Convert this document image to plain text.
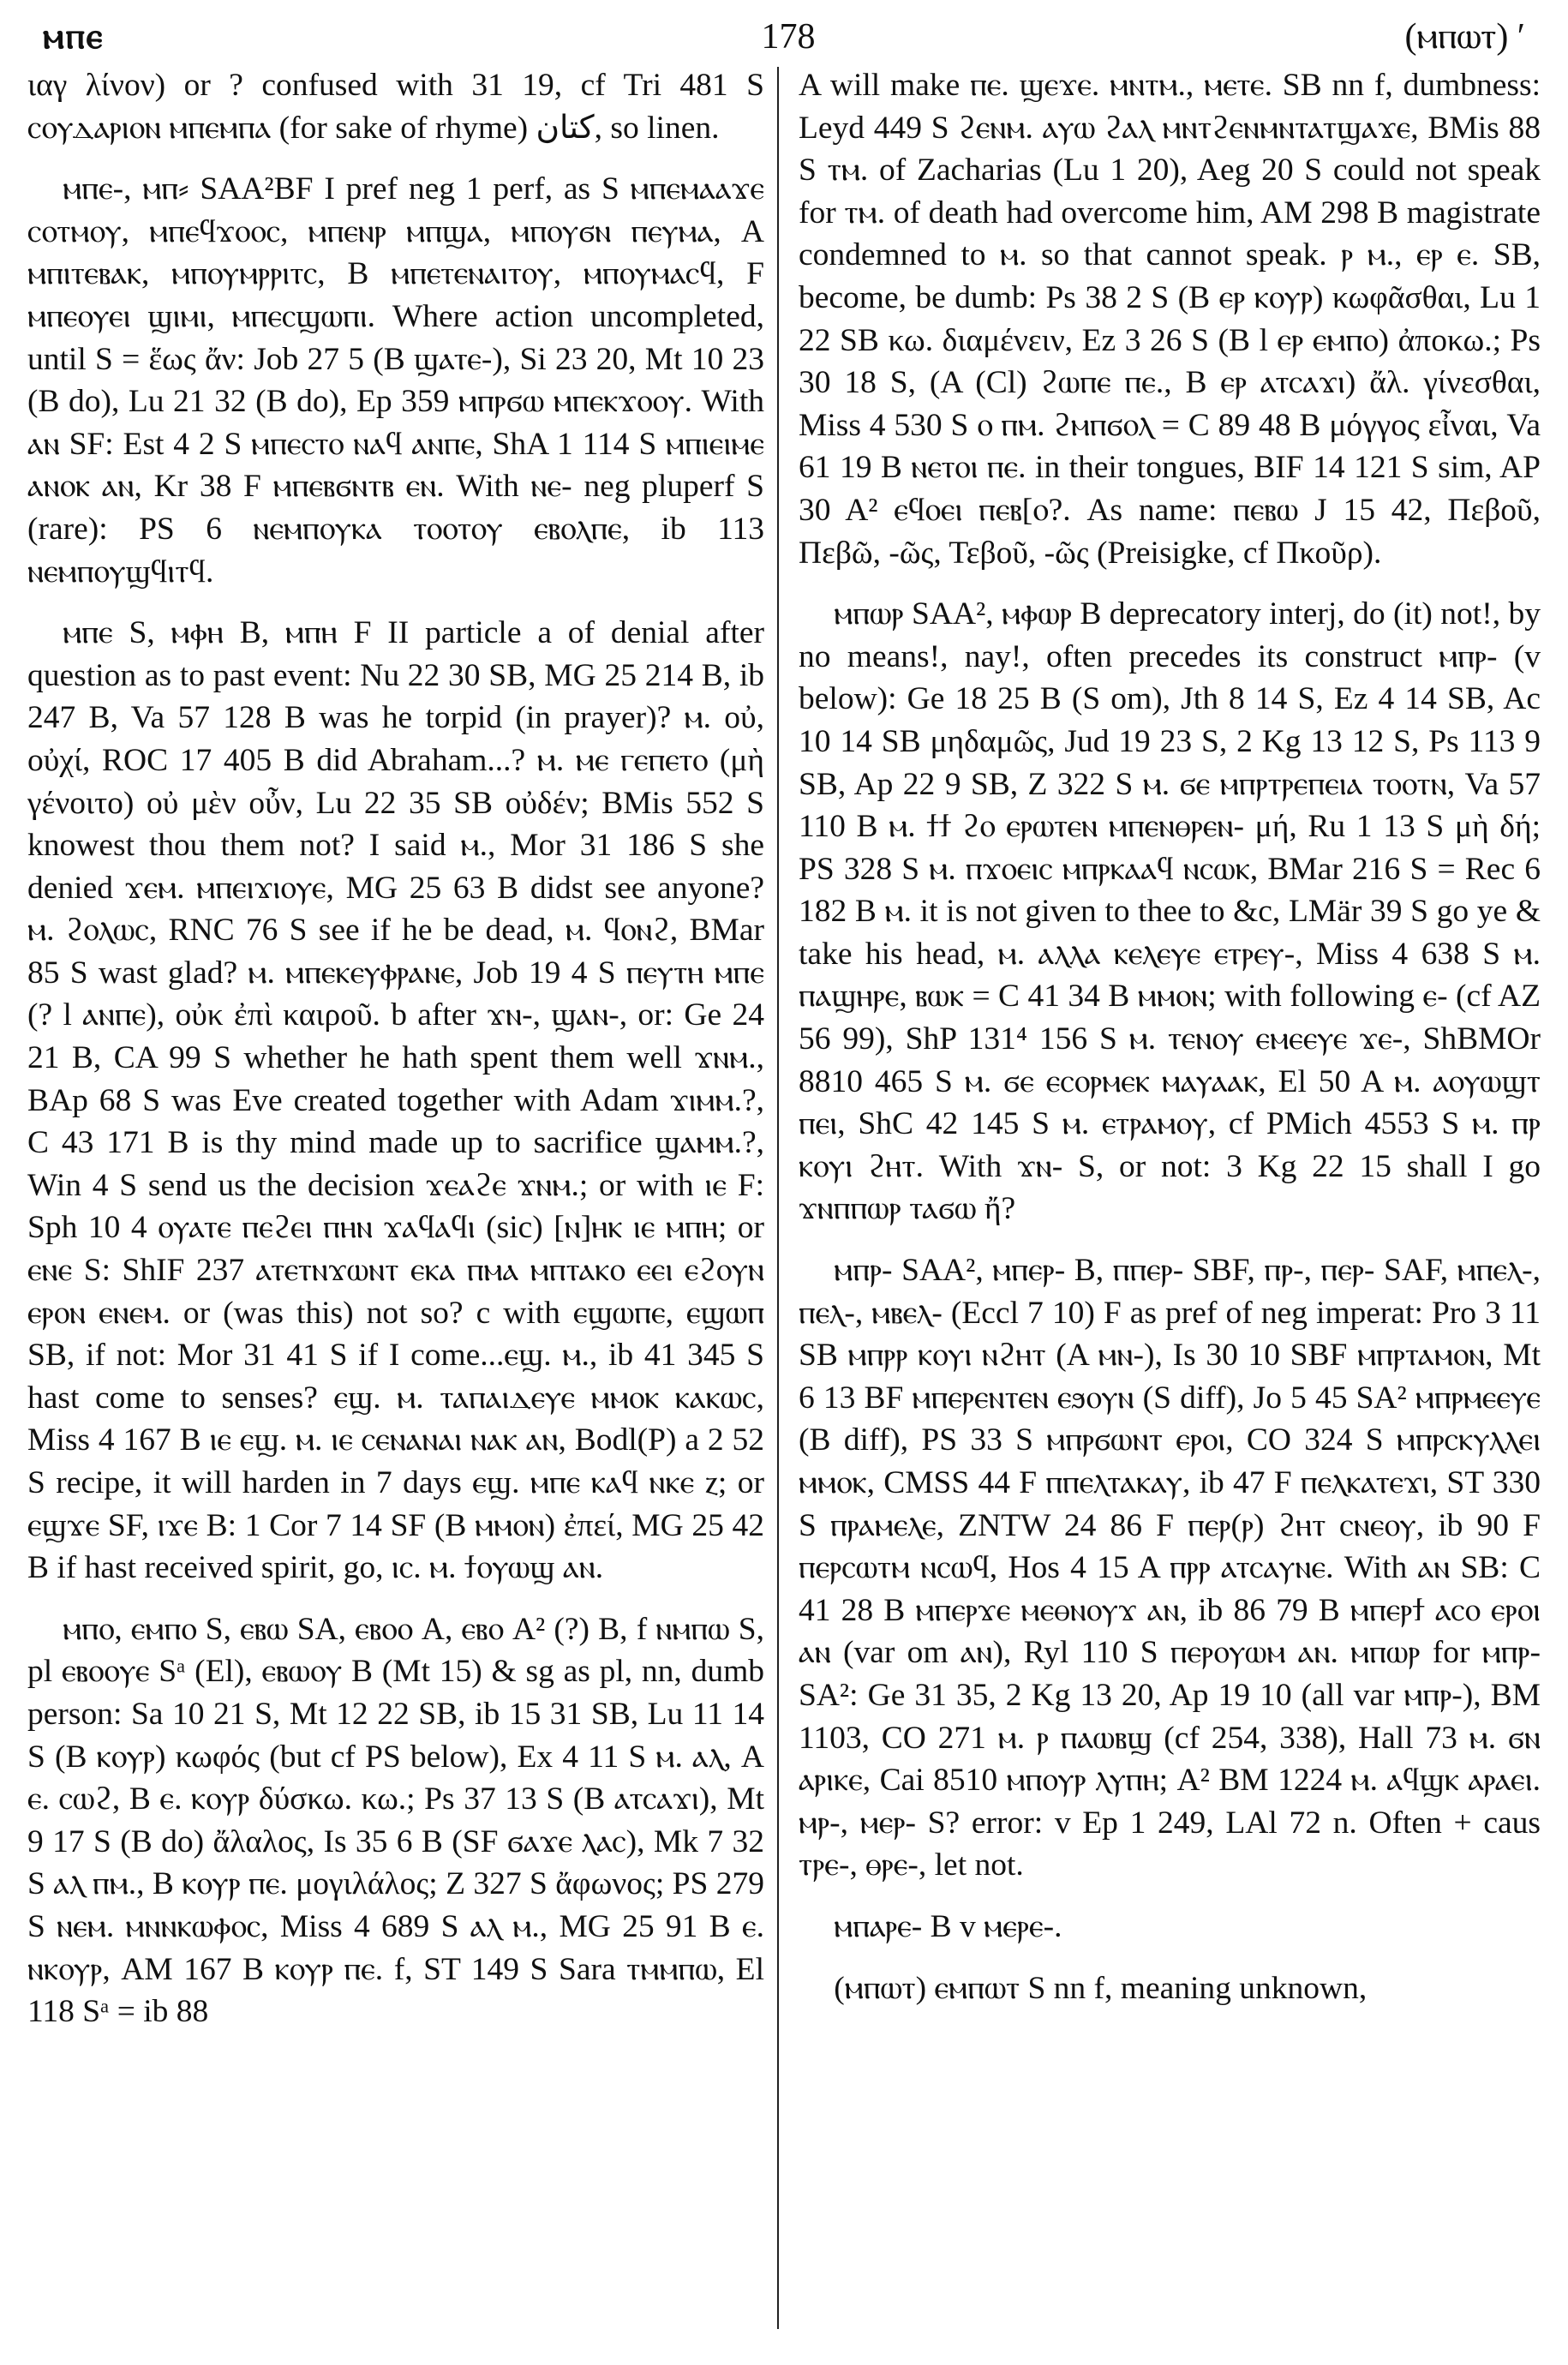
ⲙⲡⲉ	178	(ⲙⲡⲱⲧ) ʹ

ιαγ λίνον) or ? confused with 31 19, cf Tri 481 S ⲥⲟⲩⲇⲁⲣⲓⲟⲛ ⲙⲡⲉⲙⲡⲁ (for sake of rhyme) كتان, so linen.

ⲙⲡⲉ-, ⲙⲡ⸗ SAA²BF I pref neg 1 perf, as S ⲙⲡⲉⲙⲁⲁϫⲉ ⲥⲟⲧⲙⲟⲩ, ⲙⲡⲉϥϫⲟⲟⲥ, ⲙⲡⲉⲛⲣ ⲙⲡϣⲁ, ⲙⲡⲟⲩϭⲛ ⲡⲉⲩⲙⲁ, A ⲙⲡⲓⲧⲉⲃⲁⲕ, ⲙⲡⲟⲩⲙⲣⲣⲓⲧⲥ, B ⲙⲡⲉⲧⲉⲛⲁⲓⲧⲟⲩ, ⲙⲡⲟⲩⲙⲁⲥϥ, F ⲙⲡⲉⲟⲩⲉⲓ ϣⲓⲙⲓ, ⲙⲡⲉⲥϣⲱⲡⲓ. Where action uncompleted, until S = ἕως ἄν: Job 27 5 (B ϣⲁⲧⲉ-), Si 23 20, Mt 10 23 (B do), Lu 21 32 (B do), Ep 359 ⲙⲡⲣϭⲱ ⲙⲡⲉⲕϫⲟⲟⲩ. With ⲁⲛ SF: Est 4 2 S ⲙⲡⲉⲥⲧⲟ ⲛⲁϥ ⲁⲛⲡⲉ, ShA 1 114 S ⲙⲡⲓⲉⲓⲙⲉ ⲁⲛⲟⲕ ⲁⲛ, Kr 38 F ⲙⲡⲉⲃϭⲛⲧⲃ ⲉⲛ. With ⲛⲉ- neg pluperf S (rare): PS 6 ⲛⲉⲙⲡⲟⲩⲕⲁ ⲧⲟⲟⲧⲟⲩ ⲉⲃⲟⲗⲡⲉ, ib 113 ⲛⲉⲙⲡⲟⲩϣϥⲓⲧϥ.

ⲙⲡⲉ S, ⲙⲫⲏ B, ⲙⲡⲏ F II particle a of denial after question as to past event: Nu 22 30 SB, MG 25 214 B, ib 247 B, Va 57 128 B was he torpid (in prayer)? ⲙ. οὐ, οὐχί, ROC 17 405 B did Abraham...? ⲙ. ⲙⲉ ⲅⲉⲡⲉⲧⲟ (μὴ γένοιτο) οὐ μὲν οὖν, Lu 22 35 SB οὐδέν; BMis 552 S knowest thou them not? I said ⲙ., Mor 31 186 S she denied ϫⲉⲙ. ⲙⲡⲉⲓϫⲓⲟⲩⲉ, MG 25 63 B didst see anyone? ⲙ. ϩⲟⲗⲱⲥ, RNC 76 S see if he be dead, ⲙ. ϥⲟⲛϩ, BMar 85 S wast glad? ⲙ. ⲙⲡⲉⲕⲉⲩⲫⲣⲁⲛⲉ, Job 19 4 S ⲡⲉⲩⲧⲏ ⲙⲡⲉ (? l ⲁⲛⲡⲉ), οὐκ ἐπὶ καιροῦ. b after ϫⲛ-, ϣⲁⲛ-, or: Ge 24 21 B, CA 99 S whether he hath spent them well ϫⲛⲙ., BAp 68 S was Eve created together with Adam ϫⲓⲙⲙ.?, C 43 171 B is thy mind made up to sacrifice ϣⲁⲙⲙ.?, Win 4 S send us the decision ϫⲉⲁϩⲉ ϫⲛⲙ.; or with ⲓⲉ F: Sph 10 4 ⲟⲩⲁⲧⲉ ⲡⲉϩⲉⲓ ⲡⲏⲛ ϫⲁϥⲁϥⲓ (sic) [ⲛ]ⲏⲕ ⲓⲉ ⲙⲡⲏ; or ⲉⲛⲉ S: ShIF 237 ⲁⲧⲉⲧⲛϫⲱⲛⲧ ⲉⲕⲁ ⲡⲙⲁ ⲙⲡⲧⲁⲕⲟ ⲉⲉⲓ ⲉϩⲟⲩⲛ ⲉⲣⲟⲛ ⲉⲛⲉⲙ. or (was this) not so? c with ⲉϣⲱⲡⲉ, ⲉϣⲱⲡ SB, if not: Mor 31 41 S if I come...ⲉϣ. ⲙ., ib 41 345 S hast come to senses? ⲉϣ. ⲙ. ⲧⲁⲡⲁⲓⲇⲉⲩⲉ ⲙⲙⲟⲕ ⲕⲁⲕⲱⲥ, Miss 4 167 B ⲓⲉ ⲉϣ. ⲙ. ⲓⲉ ⲥⲉⲛⲁⲛⲁⲓ ⲛⲁⲕ ⲁⲛ, Bodl(P) a 2 52 S recipe, it will harden in 7 days ⲉϣ. ⲙⲡⲉ ⲕⲁϥ ⲛⲕⲉ ⲍ; or ⲉϣϫⲉ SF, ⲓϫⲉ B: 1 Cor 7 14 SF (B ⲙⲙⲟⲛ) ἐπεί, MG 25 42 B if hast received spirit, go, ⲓⲥ. ⲙ. ϯⲟⲩⲱϣ ⲁⲛ.

ⲙⲡⲟ, ⲉⲙⲡⲟ S, ⲉⲃⲱ SA, ⲉⲃⲟⲟ A, ⲉⲃⲟ A² (?) B, f ⲛⲙⲡⲱ S, pl ⲉⲃⲟⲟⲩⲉ Sᵃ (El), ⲉⲃⲱⲟⲩ B (Mt 15) & sg as pl, nn, dumb person: Sa 10 21 S, Mt 12 22 SB, ib 15 31 SB, Lu 11 14 S (B ⲕⲟⲩⲣ) κωφός (but cf PS below), Ex 4 11 S ⲙ. ⲁⲗ, A ⲉ. ⲥⲱϩ, B ⲉ. ⲕⲟⲩⲣ δύσκω. κω.; Ps 37 13 S (B ⲁⲧⲥⲁϫⲓ), Mt 9 17 S (B do) ἄλαλος, Is 35 6 B (SF ϭⲁϫⲉ ⲗⲁⲥ), Mk 7 32 S ⲁⲗ ⲡⲙ., B ⲕⲟⲩⲣ ⲡⲉ. μογιλάλος; Z 327 S ἄφωνος; PS 279 S ⲛⲉⲙ. ⲙⲛⲛⲕⲱⲫⲟⲥ, Miss 4 689 S ⲁⲗ ⲙ., MG 25 91 B ⲉ. ⲛⲕⲟⲩⲣ, AM 167 B ⲕⲟⲩⲣ ⲡⲉ. f, ST 149 S Sara ⲧⲙⲙⲡⲱ, El 118 Sᵃ = ib 88

A will make ⲡⲉ. ϣⲉϫⲉ. ⲙⲛⲧⲙ., ⲙⲉⲧⲉ. SB nn f, dumbness: Leyd 449 S ϩⲉⲛⲙ. ⲁⲩⲱ ϩⲁⲗ ⲙⲛⲧϩⲉⲛⲙⲛⲧⲁⲧϣⲁϫⲉ, BMis 88 S ⲧⲙ. of Zacharias (Lu 1 20), Aeg 20 S could not speak for ⲧⲙ. of death had overcome him, AM 298 B magistrate condemned to ⲙ. so that cannot speak. ⲣ ⲙ., ⲉⲣ ⲉ. SB, become, be dumb: Ps 38 2 S (B ⲉⲣ ⲕⲟⲩⲣ) κωφᾶσθαι, Lu 1 22 SB κω. διαμένειν, Ez 3 26 S (B l ⲉⲣ ⲉⲙⲡⲟ) ἀποκω.; Ps 30 18 S, (A (Cl) ϩⲱⲡⲉ ⲡⲉ., B ⲉⲣ ⲁⲧⲥⲁϫⲓ) ἄλ. γίνεσθαι, Miss 4 530 S ⲟ ⲡⲙ. ϩⲙⲡϭⲟⲗ = C 89 48 B μόγγος εἶναι, Va 61 19 B ⲛⲉⲧⲟⲓ ⲡⲉ. in their tongues, BIF 14 121 S sim, AP 30 A² ⲉϥⲟⲉⲓ ⲡⲉⲃ[ⲟ?. As name: ⲡⲉⲃⲱ J 15 42, Πεβοῦ, Πεβῶ, -ῶς, Τεβοῦ, -ῶς (Preisigke, cf Πκοῦρ).

ⲙⲡⲱⲣ SAA², ⲙⲫⲱⲣ B deprecatory interj, do (it) not!, by no means!, nay!, often precedes its construct ⲙⲡⲣ- (v below): Ge 18 25 B (S om), Jth 8 14 S, Ez 4 14 SB, Ac 10 14 SB μηδαμῶς, Jud 19 23 S, 2 Kg 13 12 S, Ps 113 9 SB, Ap 22 9 SB, Z 322 S ⲙ. ϭⲉ ⲙⲡⲣⲧⲣⲉⲡⲉⲓⲁ ⲧⲟⲟⲧⲛ, Va 57 110 B ⲙ. ϯϯ ϩⲟ ⲉⲣⲱⲧⲉⲛ ⲙⲡⲉⲛⲑⲣⲉⲛ- μή, Ru 1 13 S μὴ δή; PS 328 S ⲙ. ⲡϫⲟⲉⲓⲥ ⲙⲡⲣⲕⲁⲁϥ ⲛⲥⲱⲕ, BMar 216 S = Rec 6 182 B ⲙ. it is not given to thee to &c, LMär 39 S go ye & take his head, ⲙ. ⲁⲗⲗⲁ ⲕⲉⲗⲉⲩⲉ ⲉⲧⲣⲉⲩ-, Miss 4 638 S ⲙ. ⲡⲁϣⲏⲣⲉ, ⲃⲱⲕ = C 41 34 B ⲙⲙⲟⲛ; with following ⲉ- (cf AZ 56 99), ShP 131⁴ 156 S ⲙ. ⲧⲉⲛⲟⲩ ⲉⲙⲉⲉⲩⲉ ϫⲉ-, ShBMOr 8810 465 S ⲙ. ϭⲉ ⲉⲥⲟⲣⲙⲉⲕ ⲙⲁⲩⲁⲁⲕ, El 50 A ⲙ. ⲁⲟⲩⲱϣⲧ ⲡⲉⲓ, ShC 42 145 S ⲙ. ⲉⲧⲣⲁⲙⲟⲩ, cf PMich 4553 S ⲙ. ⲡⲣ ⲕⲟⲩⲓ ϩⲏⲧ. With ϫⲛ- S, or not: 3 Kg 22 15 shall I go ϫⲛⲡⲡⲱⲣ ⲧⲁϭⲱ ἤ?

ⲙⲡⲣ- SAA², ⲙⲡⲉⲣ- B, ⲡⲡⲉⲣ- SBF, ⲡⲣ-, ⲡⲉⲣ- SAF, ⲙⲡⲉⲗ-, ⲡⲉⲗ-, ⲙⲃⲉⲗ- (Eccl 7 10) F as pref of neg imperat: Pro 3 11 SB ⲙⲡⲣⲣ ⲕⲟⲩⲓ ⲛϩⲏⲧ (A ⲙⲛ-), Is 30 10 SBF ⲙⲡⲣⲧⲁⲙⲟⲛ, Mt 6 13 BF ⲙⲡⲉⲣⲉⲛⲧⲉⲛ ⲉϧⲟⲩⲛ (S diff), Jo 5 45 SA² ⲙⲡⲣⲙⲉⲉⲩⲉ (B diff), PS 33 S ⲙⲡⲣϭⲱⲛⲧ ⲉⲣⲟⲓ, CO 324 S ⲙⲡⲣⲥⲕⲩⲗⲗⲉⲓ ⲙⲙⲟⲕ, CMSS 44 F ⲡⲡⲉⲗⲧⲁⲕⲁⲩ, ib 47 F ⲡⲉⲗⲕⲁⲧⲉϫⲓ, ST 330 S ⲡⲣⲁⲙⲉⲗⲉ, ZNTW 24 86 F ⲡⲉⲣ(ⲣ) ϩⲏⲧ ⲥⲛⲉⲟⲩ, ib 90 F ⲡⲉⲣⲥⲱⲧⲙ ⲛⲥⲱϥ, Hos 4 15 A ⲡⲣⲣ ⲁⲧⲥⲁⲩⲛⲉ. With ⲁⲛ SB: C 41 28 B ⲙⲡⲉⲣϫⲉ ⲙⲉⲑⲛⲟⲩϫ ⲁⲛ, ib 86 79 B ⲙⲡⲉⲣϯ ⲁⲥⲟ ⲉⲣⲟⲓ ⲁⲛ (var om ⲁⲛ), Ryl 110 S ⲡⲉⲣⲟⲩⲱⲙ ⲁⲛ. ⲙⲡⲱⲣ for ⲙⲡⲣ- SA²: Ge 31 35, 2 Kg 13 20, Ap 19 10 (all var ⲙⲡⲣ-), BM 1103, CO 271 ⲙ. ⲣ ⲡⲁⲱⲃϣ (cf 254, 338), Hall 73 ⲙ. ϭⲛ ⲁⲣⲓⲕⲉ, Cai 8510 ⲙⲡⲟⲩⲣ ⲗⲩⲡⲏ; A² BM 1224 ⲙ. ⲁϥϣⲕ ⲁⲣⲁⲉⲓ. ⲙⲣ-, ⲙⲉⲣ- S? error: v Ep 1 249, LAl 72 n. Often + caus ⲧⲣⲉ-, ⲑⲣⲉ-, let not.

ⲙⲡⲁⲣⲉ- B v ⲙⲉⲣⲉ-.

(ⲙⲡⲱⲧ) ⲉⲙⲡⲱⲧ S nn f, meaning unknown,
